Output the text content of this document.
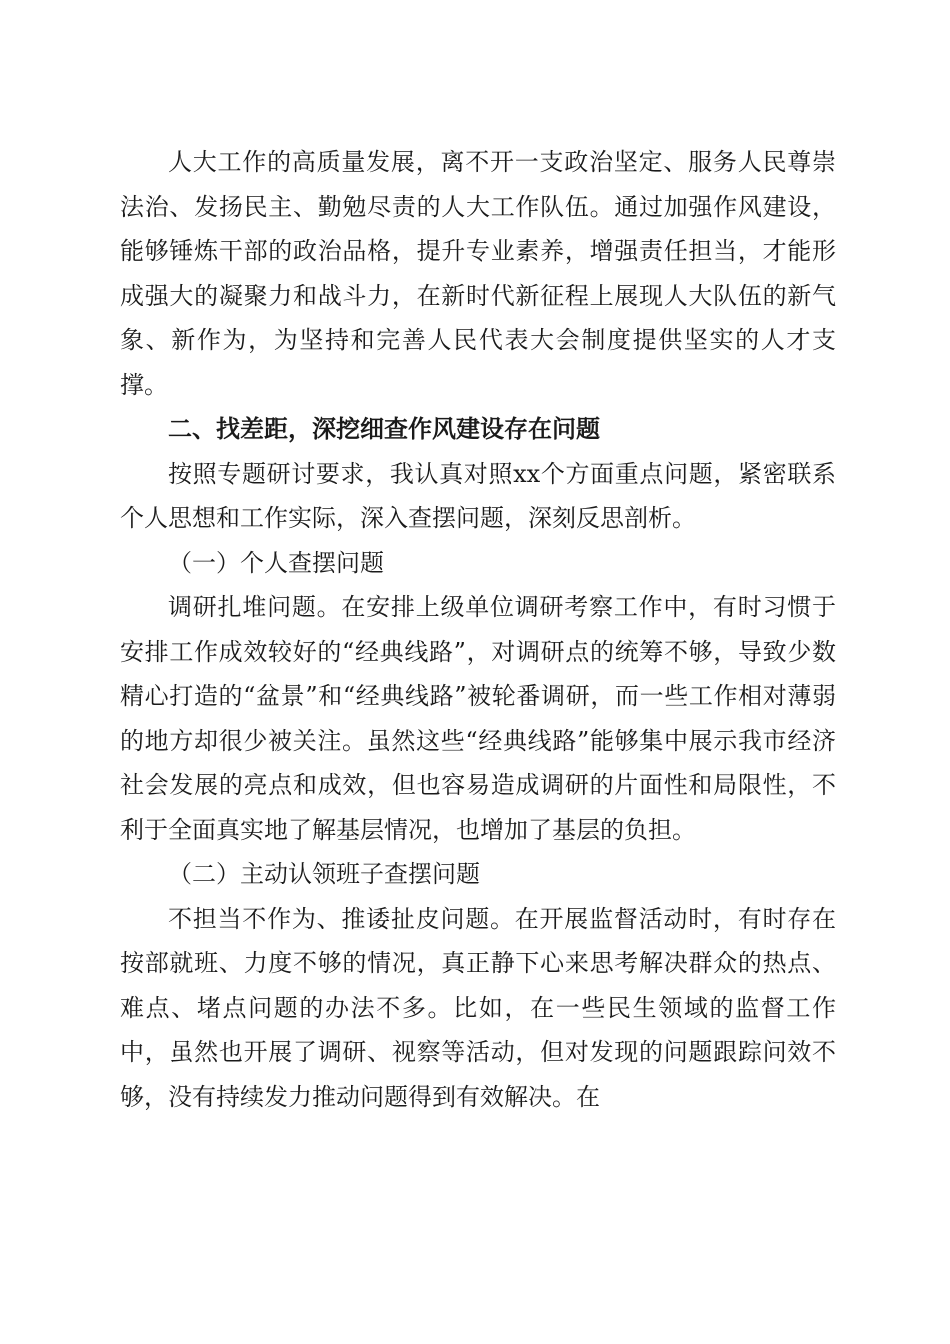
人大工作的高质量发展，离不开一支政治坚定、服务人民尊崇法治、发扬民主、勤勉尽责的人大工作队伍。通过加强作风建设，能够锤炼干部的政治品格，提升专业素养，增强责任担当，才能形成强大的凝聚力和战斗力，在新时代新征程上展现人大队伍的新气象、新作为，为坚持和完善人民代表大会制度提供坚实的人才支撑。

二、找差距，深挖细查作风建设存在问题

按照专题研讨要求，我认真对照xx个方面重点问题，紧密联系个人思想和工作实际，深入查摆问题，深刻反思剖析。

（一）个人查摆问题

调研扎堆问题。在安排上级单位调研考察工作中，有时习惯于安排工作成效较好的“经典线路”，对调研点的统筹不够，导致少数精心打造的“盆景”和“经典线路”被轮番调研，而一些工作相对薄弱的地方却很少被关注。虽然这些“经典线路”能够集中展示我市经济社会发展的亮点和成效，但也容易造成调研的片面性和局限性，不利于全面真实地了解基层情况，也增加了基层的负担。

（二）主动认领班子查摆问题

不担当不作为、推诿扯皮问题。在开展监督活动时，有时存在按部就班、力度不够的情况，真正静下心来思考解决群众的热点、难点、堵点问题的办法不多。比如，在一些民生领域的监督工作中，虽然也开展了调研、视察等活动，但对发现的问题跟踪问效不够，没有持续发力推动问题得到有效解决。在
